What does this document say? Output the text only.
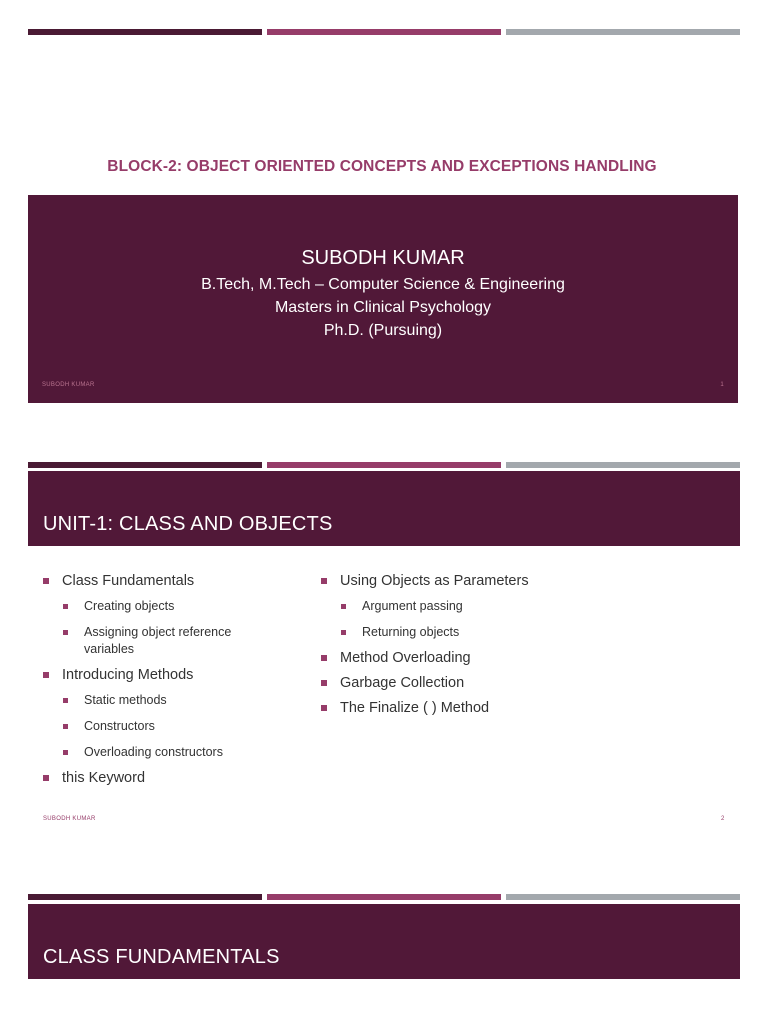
BLOCK-2: OBJECT ORIENTED CONCEPTS AND EXCEPTIONS HANDLING
SUBODH KUMAR
B.Tech, M.Tech – Computer Science & Engineering
Masters in Clinical Psychology
Ph.D. (Pursuing)
SUBODH KUMAR	1
UNIT-1: CLASS AND OBJECTS
Class Fundamentals
Creating objects
Assigning object reference variables
Introducing Methods
Static methods
Constructors
Overloading constructors
this Keyword
Using Objects as Parameters
Argument passing
Returning objects
Method Overloading
Garbage Collection
The Finalize ( ) Method
SUBODH KUMAR	2
CLASS FUNDAMENTALS
